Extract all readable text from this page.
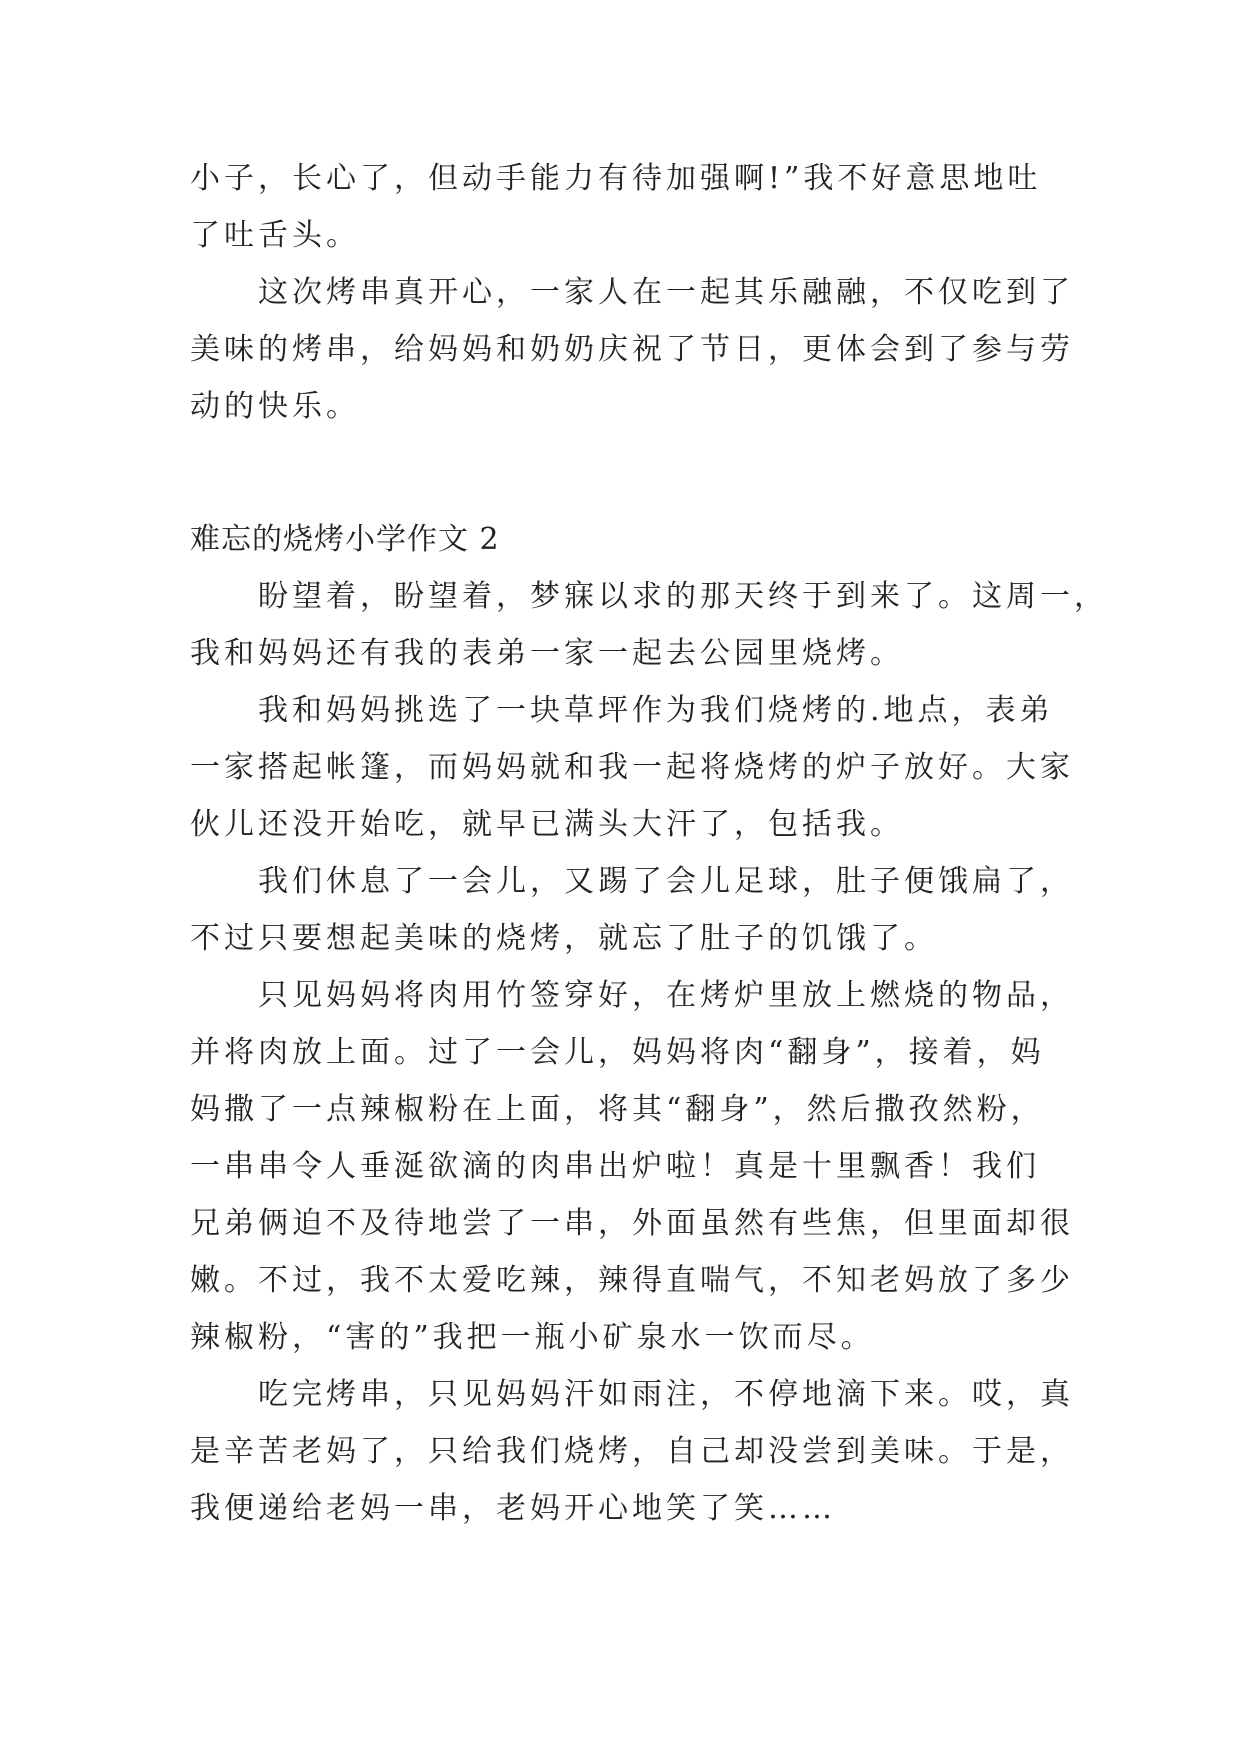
小子，长心了，但动手能力有待加强啊!”我不好意思地吐

了吐舌头。

这次烤串真开心，一家人在一起其乐融融，不仅吃到了

美味的烤串，给妈妈和奶奶庆祝了节日，更体会到了参与劳

动的快乐。

难忘的烧烤小学作文 2

盼望着，盼望着，梦寐以求的那天终于到来了。这周一，

我和妈妈还有我的表弟一家一起去公园里烧烤。

我和妈妈挑选了一块草坪作为我们烧烤的.地点，表弟

一家搭起帐篷，而妈妈就和我一起将烧烤的炉子放好。大家

伙儿还没开始吃，就早已满头大汗了，包括我。

我们休息了一会儿，又踢了会儿足球，肚子便饿扁了，

不过只要想起美味的烧烤，就忘了肚子的饥饿了。

只见妈妈将肉用竹签穿好，在烤炉里放上燃烧的物品，

并将肉放上面。过了一会儿，妈妈将肉“翻身”，接着，妈

妈撒了一点辣椒粉在上面，将其“翻身”，然后撒孜然粉，

一串串令人垂涎欲滴的肉串出炉啦！真是十里飘香！我们

兄弟俩迫不及待地尝了一串，外面虽然有些焦，但里面却很

嫩。不过，我不太爱吃辣，辣得直喘气，不知老妈放了多少

辣椒粉，“害的”我把一瓶小矿泉水一饮而尽。

吃完烤串，只见妈妈汗如雨注，不停地滴下来。哎，真

是辛苦老妈了，只给我们烧烤，自己却没尝到美味。于是，

我便递给老妈一串，老妈开心地笑了笑……
